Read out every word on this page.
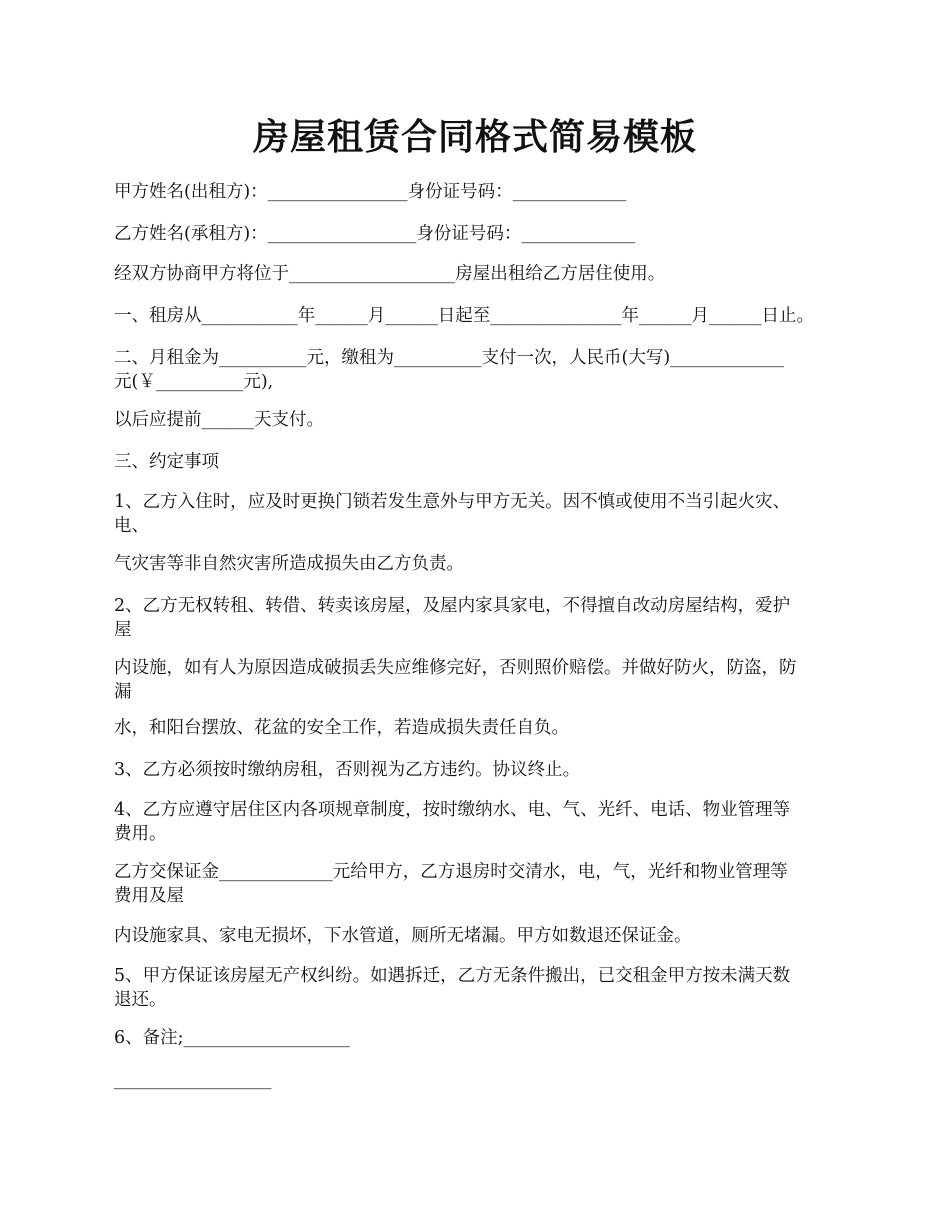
房屋租赁合同格式简易模板

甲方姓名(出租方)：________________身份证号码：_____________

乙方姓名(承租方)：_________________身份证号码：_____________

经双方协商甲方将位于___________________房屋出租给乙方居住使用。

一、租房从___________年______月______日起至_______________年______月______日止。

二、月租金为__________元，缴租为__________支付一次，人民币(大写)_____________
元(￥__________元),

以后应提前______天支付。

三、约定事项

1、乙方入住时，应及时更换门锁若发生意外与甲方无关。因不慎或使用不当引起火灾、
电、

气灾害等非自然灾害所造成损失由乙方负责。

2、乙方无权转租、转借、转卖该房屋，及屋内家具家电，不得擅自改动房屋结构，爱护
屋

内设施，如有人为原因造成破损丢失应维修完好，否则照价赔偿。并做好防火，防盗，防
漏

水，和阳台摆放、花盆的安全工作，若造成损失责任自负。

3、乙方必须按时缴纳房租，否则视为乙方违约。协议终止。

4、乙方应遵守居住区内各项规章制度，按时缴纳水、电、气、光纤、电话、物业管理等
费用。

乙方交保证金_____________元给甲方，乙方退房时交清水，电，气，光纤和物业管理等
费用及屋

内设施家具、家电无损坏，下水管道，厕所无堵漏。甲方如数退还保证金。

5、甲方保证该房屋无产权纠纷。如遇拆迁，乙方无条件搬出，已交租金甲方按未满天数
退还。

6、备注;___________________

__________________
